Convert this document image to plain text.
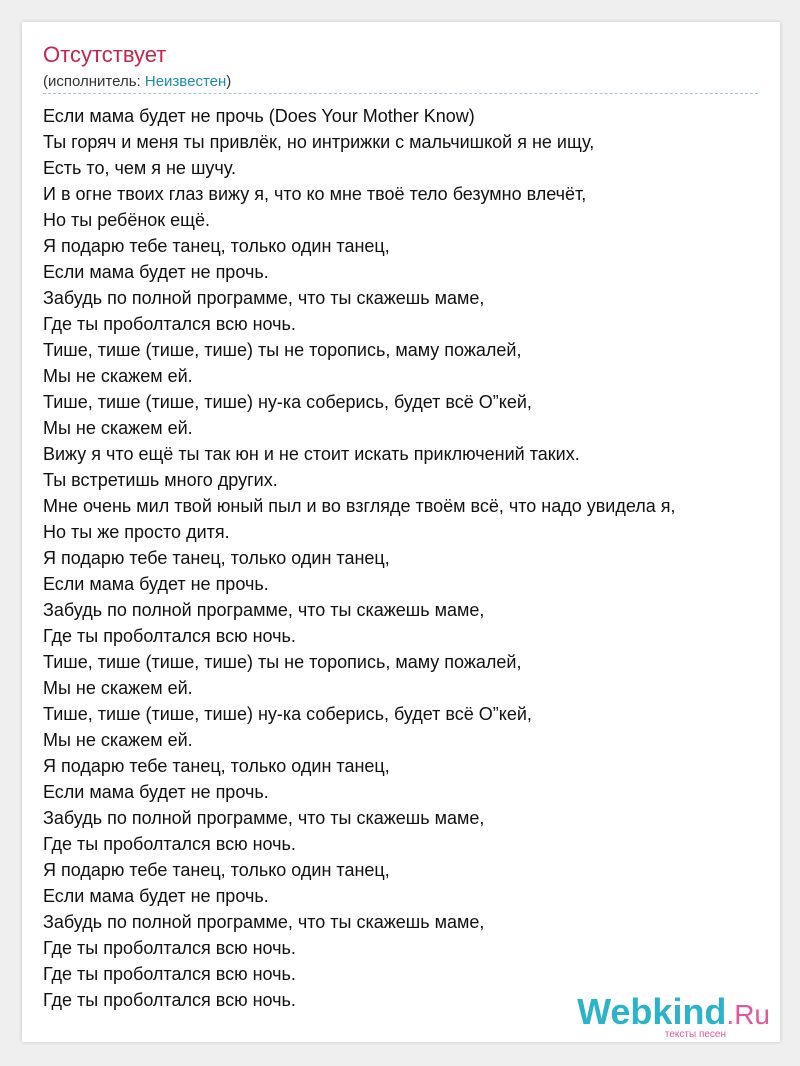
Отсутствует
(исполнитель: Неизвестен)
Если мама будет не прочь (Does Your Mother Know)
Ты горяч и меня ты привлёк, но интрижки с мальчишкой я не ищу,
Есть то, чем я не шучу.
И в огне твоих глаз вижу я, что ко мне твоё тело безумно влечёт,
Но ты ребёнок ещё.
Я подарю тебе танец, только один танец,
Если мама будет не прочь.
Забудь по полной программе, что ты скажешь маме,
Где ты проболтался всю ночь.
Тише, тише (тише, тише) ты не торопись, маму пожалей,
Мы не скажем ей.
Тише, тише (тише, тише) ну-ка соберись, будет всё О”кей,
Мы не скажем ей.
Вижу я что ещё ты так юн и не стоит искать приключений таких.
Ты встретишь много других.
Мне очень мил твой юный пыл и во взгляде твоём всё, что надо увидела я,
Но ты же просто дитя.
Я подарю тебе танец, только один танец,
Если мама будет не прочь.
Забудь по полной программе, что ты скажешь маме,
Где ты проболтался всю ночь.
Тише, тише (тише, тише) ты не торопись, маму пожалей,
Мы не скажем ей.
Тише, тише (тише, тише) ну-ка соберись, будет всё О”кей,
Мы не скажем ей.
Я подарю тебе танец, только один танец,
Если мама будет не прочь.
Забудь по полной программе, что ты скажешь маме,
Где ты проболтался всю ночь.
Я подарю тебе танец, только один танец,
Если мама будет не прочь.
Забудь по полной программе, что ты скажешь маме,
Где ты проболтался всю ночь.
Где ты проболтался всю ночь.
Где ты проболтался всю ночь.	Webkind.Ru
тексты песен
